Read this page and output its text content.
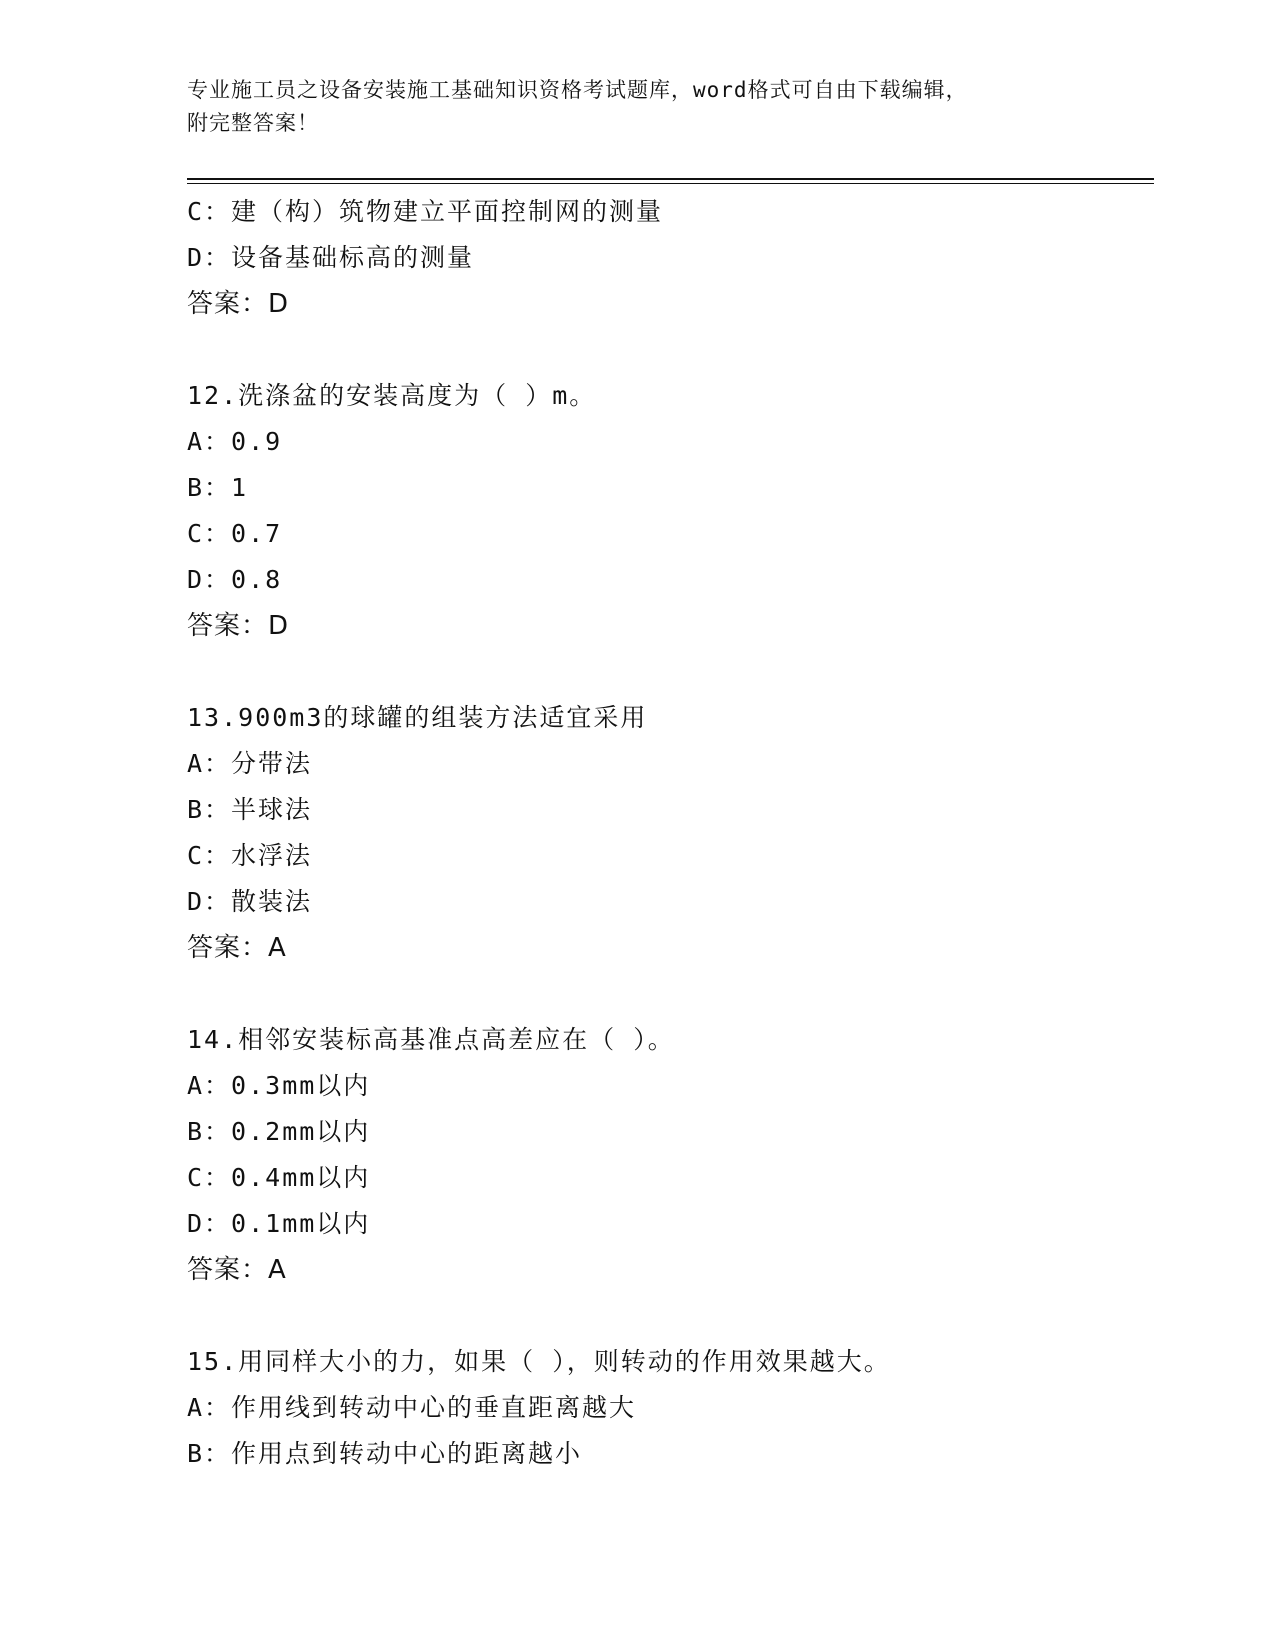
专业施工员之设备安装施工基础知识资格考试题库，word格式可自由下载编辑，
附完整答案！
C：建（构）筑物建立平面控制网的测量
D：设备基础标高的测量
答案：D
12.洗涤盆的安装高度为（ ）m。
A：0.9
B：1
C：0.7
D：0.8
答案：D
13.900m3的球罐的组装方法适宜采用
A：分带法
B：半球法
C：水浮法
D：散装法
答案：A
14.相邻安装标高基准点高差应在（ ）。
A：0.3mm以内
B：0.2mm以内
C：0.4mm以内
D：0.1mm以内
答案：A
15.用同样大小的力，如果（ ），则转动的作用效果越大。
A：作用线到转动中心的垂直距离越大
B：作用点到转动中心的距离越小
